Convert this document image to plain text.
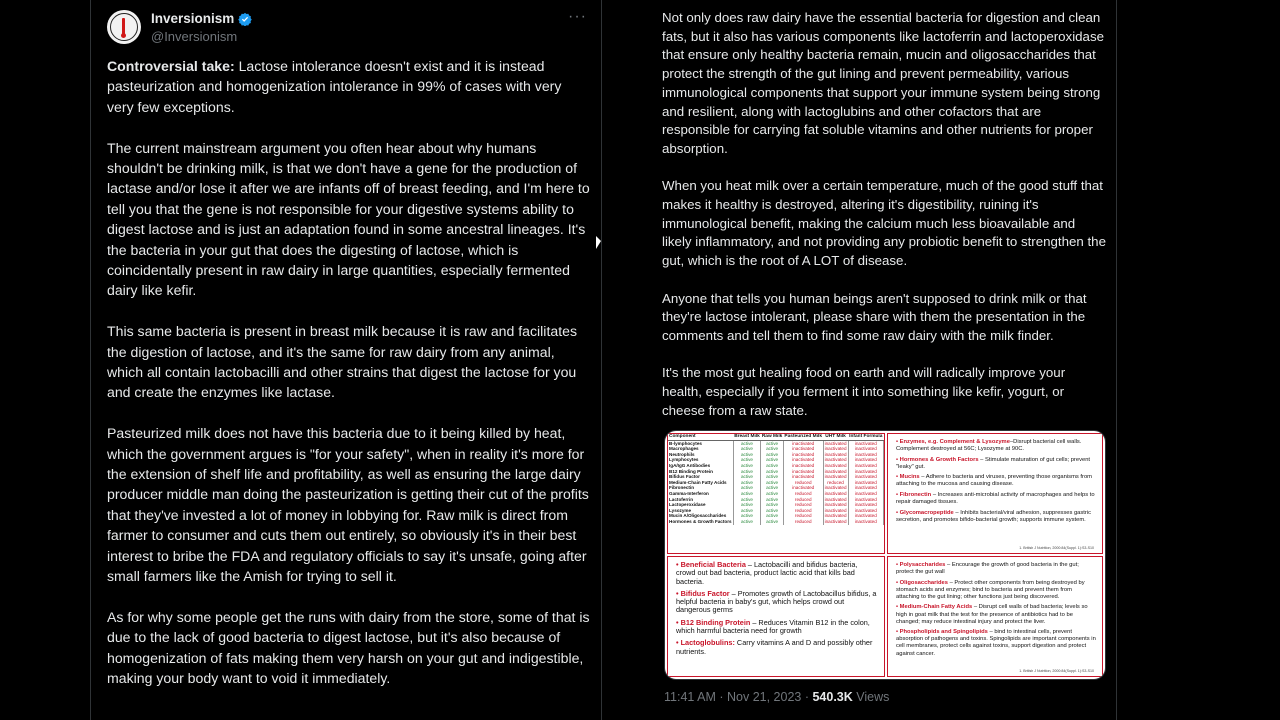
Inversionism
@Inversionism
···

Controversial take: Lactose intolerance doesn't exist and it is instead pasteurization and homogenization intolerance in 99% of cases with very very few exceptions.

The current mainstream argument you often hear about why humans shouldn't be drinking milk, is that we don't have a gene for the production of lactase and/or lose it after we are infants off of breast feeding, and I'm here to tell you that the gene is not responsible for your digestive systems ability to digest lactose and is just an adaptation found in some ancestral lineages. It's the bacteria in your gut that does the digesting of lactose, which is coincidentally present in raw dairy in large quantities, especially fermented dairy like kefir.

This same bacteria is present in breast milk because it is raw and facilitates the digestion of lactose, and it's the same for raw dairy from any animal, which all contain lactobacilli and other strains that digest the lactose for you and create the enzymes like lactase.

Pasteurized milk does not have this bacteria due to it being killed by heat, which the government argues is "for your safety", when in reality it's more for the extension of shelf life and profitability, as well as ensuring the large dairy producer middle man doing the pasteurization is getting their cut of the profits that they've invested a lot of money in lobbying for. Raw milk is direct from farmer to consumer and cuts them out entirely, so obviously it's in their best interest to bribe the FDA and regulatory officials to say it's unsafe, going after small farmers like the Amish for trying to sell it.

As for why some people get the runs with dairy from the store, some of that is due to the lack of good bacteria to digest lactose, but it's also because of homogenization of fats making them very harsh on your gut and indigestible, making your body want to void it immediately.

Not only does raw dairy have the essential bacteria for digestion and clean fats, but it also has various components like lactoferrin and lactoperoxidase that ensure only healthy bacteria remain, mucin and oligosaccharides that protect the strength of the gut lining and prevent permeability, various immunological components that support your immune system being strong and resilient, along with lactoglubins and other cofactors that are responsible for carrying fat soluble vitamins and other nutrients for proper absorption.

When you heat milk over a certain temperature, much of the good stuff that makes it healthy is destroyed, altering it's digestibility, ruining it's immunological benefit, making the calcium much less bioavailable and likely inflammatory, and not providing any probiotic benefit to strengthen the gut, which is the root of A LOT of disease.

Anyone that tells you human beings aren't supposed to drink milk or that they're lactose intolerant, please share with them the presentation in the comments and tell them to find some raw dairy with the milk finder.

It's the most gut healing food on earth and will radically improve your health, especially if you ferment it into something like kefir, yogurt, or cheese from a raw state.

Component	Breast Milk	Raw Milk	Pasteurized Milk	UHT Milk	Infant Formula
B-lymphocytes	active	active	inactivated	inactivated	inactivated
Macrophages	active	active	inactivated	inactivated	inactivated
Neutrophils	active	active	inactivated	inactivated	inactivated
Lymphocytes	active	active	inactivated	inactivated	inactivated
IgA/IgG Antibodies	active	active	inactivated	inactivated	inactivated
B12 Binding Protein	active	active	inactivated	inactivated	inactivated
Bifidus Factor	active	active	inactivated	inactivated	inactivated
Medium-Chain Fatty Acids	active	active	reduced	reduced	inactivated
Fibronectin	active	active	inactivated	inactivated	inactivated
Gamma-Interferon	active	active	reduced	inactivated	inactivated
Lactoferrin	active	active	reduced	inactivated	inactivated
Lactoperoxidase	active	active	reduced	inactivated	inactivated
Lysozyme	active	active	reduced	inactivated	inactivated
Mucin A/Oligosaccharides	active	active	reduced	inactivated	inactivated
Hormones & Growth Factors	active	active	reduced	inactivated	inactivated
• Enzymes, e.g. Complement & Lysozyme–Disrupt bacterial cell walls. Complement destroyed at 56C; Lysozyme at 90C.
• Hormones & Growth Factors – Stimulate maturation of gut cells; prevent "leaky" gut.
• Mucins – Adhere to bacteria and viruses, preventing those organisms from attaching to the mucosa and causing disease.
• Fibronectin – Increases anti-microbial activity of macrophages and helps to repair damaged tissues.
• Glycomacropeptide – Inhibits bacterial/viral adhesion, suppresses gastric secretion, and promotes bifido-bacterial growth; supports immune system.
1. British J Nutrition, 2000:84(Suppl. 1):S3-S10
• Beneficial Bacteria – Lactobacilli and bifidus bacteria, crowd out bad bacteria, product lactic acid that kills bad bacteria.
• Bifidus Factor – Promotes growth of Lactobacillus bifidus, a helpful bacteria in baby's gut, which helps crowd out dangerous germs
• B12 Binding Protein – Reduces Vitamin B12 in the colon, which harmful bacteria need for growth
• Lactoglobulins: Carry vitamins A and D and possibly other nutrients.
• Polysaccharides – Encourage the growth of good bacteria in the gut; protect the gut wall
• Oligosaccharides – Protect other components from being destroyed by stomach acids and enzymes; bind to bacteria and prevent them from attaching to the gut lining; other functions just being discovered.
• Medium-Chain Fatty Acids – Disrupt cell walls of bad bacteria; levels so high in goat milk that the test for the presence of antibiotics had to be changed; may reduce intestinal injury and protect the liver.
• Phospholipids and Spingolipids – bind to intestinal cells, prevent absorption of pathogens and toxins. Spingolipids are important components in cell membranes, protect cells against toxins, support digestion and protect against cancer.
1. British J Nutrition, 2000:84(Suppl. 1):S3-S10
11:41 AM · Nov 21, 2023 · 540.3K Views
